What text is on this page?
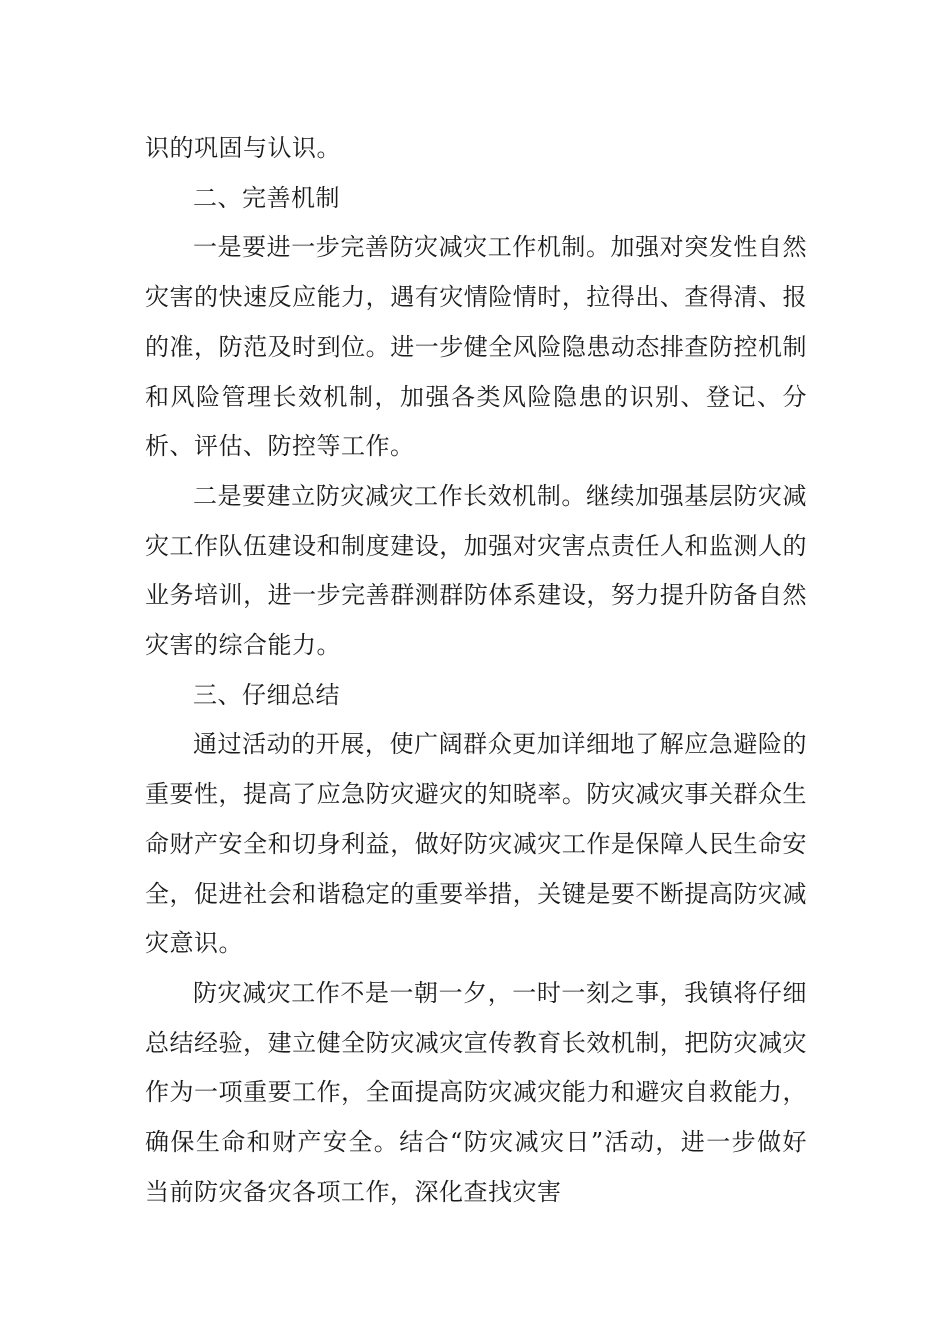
识的巩固与认识。

二、完善机制

一是要进一步完善防灾减灾工作机制。加强对突发性自然灾害的快速反应能力，遇有灾情险情时，拉得出、查得清、报的准，防范及时到位。进一步健全风险隐患动态排查防控机制和风险管理长效机制，加强各类风险隐患的识别、登记、分析、评估、防控等工作。

二是要建立防灾减灾工作长效机制。继续加强基层防灾减灾工作队伍建设和制度建设，加强对灾害点责任人和监测人的业务培训，进一步完善群测群防体系建设，努力提升防备自然灾害的综合能力。

三、仔细总结

通过活动的开展，使广阔群众更加详细地了解应急避险的重要性，提高了应急防灾避灾的知晓率。防灾减灾事关群众生命财产安全和切身利益，做好防灾减灾工作是保障人民生命安全，促进社会和谐稳定的重要举措，关键是要不断提高防灾减灾意识。

防灾减灾工作不是一朝一夕，一时一刻之事，我镇将仔细总结经验，建立健全防灾减灾宣传教育长效机制，把防灾减灾作为一项重要工作，全面提高防灾减灾能力和避灾自救能力，确保生命和财产安全。结合“防灾减灾日”活动，进一步做好当前防灾备灾各项工作，深化查找灾害
